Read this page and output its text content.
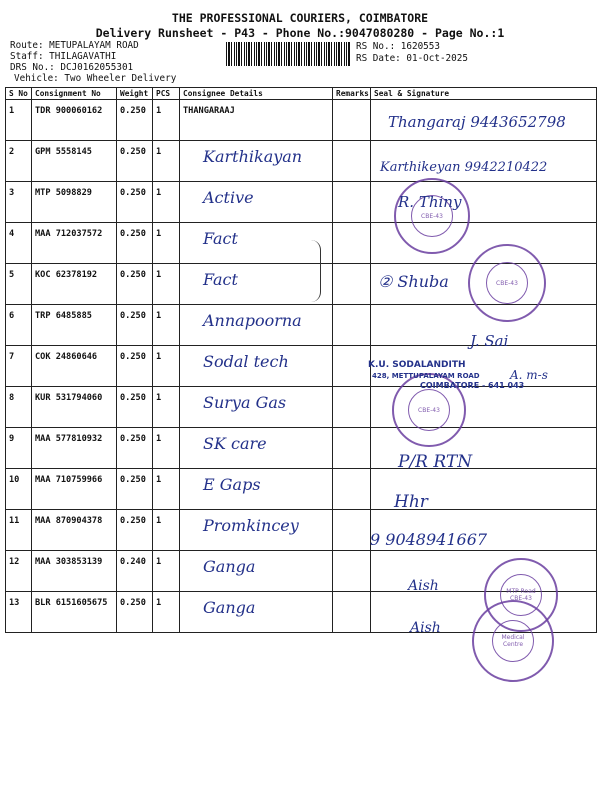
THE PROFESSIONAL COURIERS, COIMBATORE
Delivery Runsheet - P43 - Phone No.:9047080280 - Page No.:1
Route: METUPALAYAM ROAD
Staff: THILAGAVATHI
DRS No.: DCJ0162055301
Vehicle: Two Wheeler Delivery
RS No.: 1620553
RS Date: 01-Oct-2025
S No	Consignment No	Weight	PCS	Consignee Details	Remarks	Seal & Signature
1	TDR 900060162	0.250	1	THANGARAAJ		
2	GPM 5558145	0.250	1	Karthikayan		
3	MTP 5098829	0.250	1	Active		
4	MAA 712037572	0.250	1	Fact		
5	KOC 62378192	0.250	1	Fact		
6	TRP 6485885	0.250	1	Annapoorna		
7	COK 24860646	0.250	1	Sodal tech		
8	KUR 531794060	0.250	1	Surya Gas		
9	MAA 577810932	0.250	1	SK care		
10	MAA 710759966	0.250	1	E Gaps		
11	MAA 870904378	0.250	1	Promkincey		
12	MAA 303853139	0.240	1	Ganga		
13	BLR 6151605675	0.250	1	Ganga		
CBE-43
CBE-43
CBE-43
MTP Road CBE-43
Medical Centre
K.U. SODALANDITH
428, METTUPALAYAM ROAD
COIMBATORE - 641 043
Thangaraj 9443652798
Karthikeyan 9942210422
R. Thiny
② Shuba
J. Sai
A. m-s
P/R RTN
Hhr
9 9048941667
Aish
Aish
